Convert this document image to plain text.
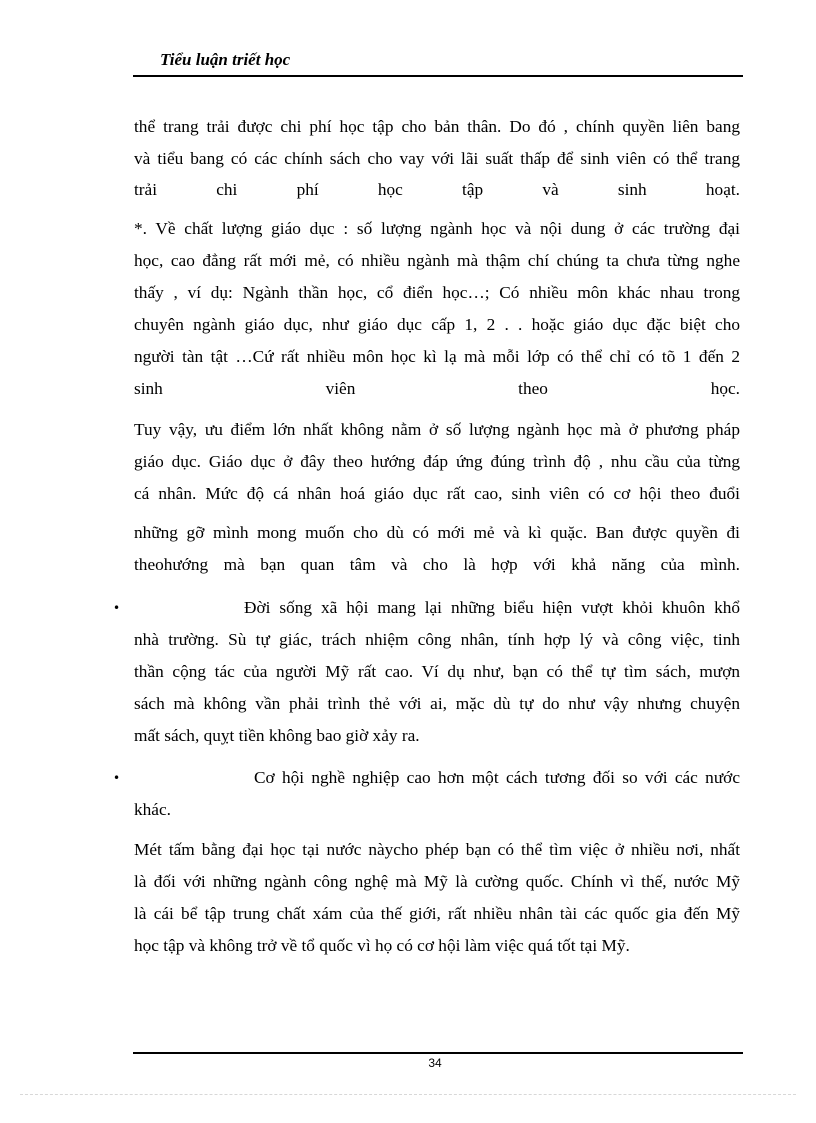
Tiểu luận triết học
thể trang trải được chi phí học tập cho bản thân. Do đó , chính quyền liên bang
và tiểu bang có các chính sách cho vay với lãi suất thấp để sinh viên có thể trang
trải chi phí học tập và sinh hoạt.
*. Về chất lượng giáo dục : số lượng ngành học và nội dung ở các trường đại
học, cao đẳng rất mới mẻ, có nhiều ngành mà thậm chí chúng ta chưa từng nghe
thấy , ví dụ: Ngành thần học, cổ điển học…; Có nhiều môn khác nhau trong
chuyên ngành giáo dục, như giáo dục cấp 1, 2 . . hoặc giáo dục đặc biệt cho
người tàn tật …Cứ rất nhiều môn học kì lạ mà mỗi lớp có thể chỉ có tõ 1 đến 2
sinh viên theo học.
Tuy vậy, ưu điểm lớn nhất không nằm ở số lượng ngành học mà ở phương pháp
giáo dục. Giáo dục ở đây theo hướng đáp ứng đúng trình độ , nhu cầu của từng
cá nhân. Mức độ cá nhân hoá giáo dục rất cao, sinh viên có cơ hội theo đuổi
những gỡ mình mong muốn cho dù có mới mẻ và kì quặc. Ban được quyền đi
theohướng mà bạn quan tâm và cho là hợp với khả năng của mình.
•	Đời sống xã hội mang lại những biểu hiện vượt khỏi khuôn khổ
nhà trường. Sù tự giác, trách nhiệm công nhân, tính hợp lý và công việc, tinh
thần cộng tác của người Mỹ rất cao. Ví dụ như, bạn có thể tự tìm sách, mượn
sách mà không vần phải trình thẻ với ai, mặc dù tự do như vậy nhưng chuyện
mất sách, quỵt tiền không bao giờ xảy ra.
•	Cơ hội nghề nghiệp cao hơn một cách tương đối so với các nước
khác.
Mét tấm bằng đại học tại nước nàycho phép bạn có thể tìm việc ở nhiều nơi, nhất
là đối với những ngành công nghệ mà Mỹ là cường quốc. Chính vì thế, nước Mỹ
là cái bể tập trung chất xám của thế giới, rất nhiều nhân tài các quốc gia đến Mỹ
học tập và không trở về tổ quốc vì họ có cơ hội làm việc quá tốt tại Mỹ.
34
